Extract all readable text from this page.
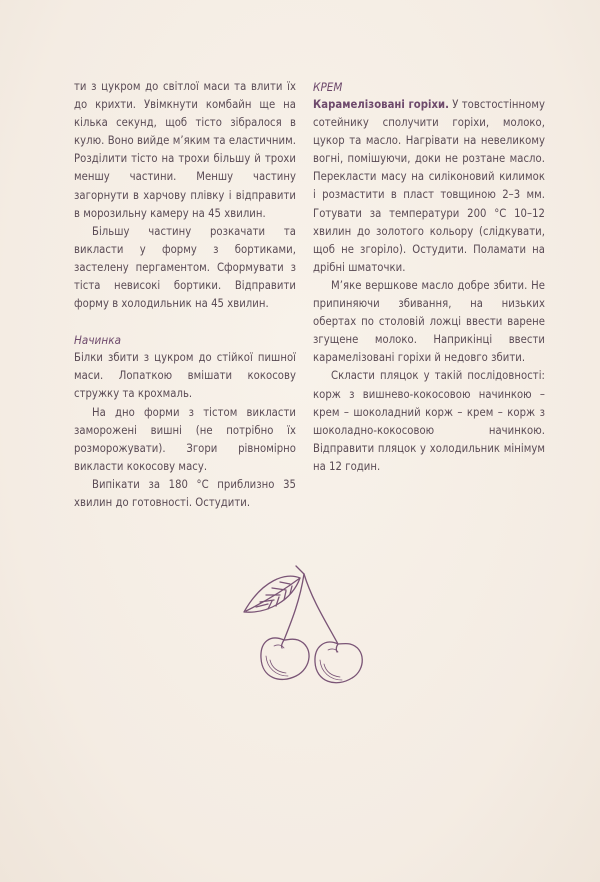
ти з цукром до світлої маси та влити їх до крихти. Увімкнути комбайн ще на кілька секунд, щоб тісто зібралося в кулю. Воно вийде м’яким та еластичним. Розділити тісто на трохи більшу й трохи меншу частини. Меншу частину загорнути в харчову плівку і відправити в морозильну камеру на 45 хвилин.

Більшу частину розкачати та викласти у форму з бортиками, застелену пергаментом. Сформувати з тіста невисокі бортики. Відправити форму в холодильник на 45 хвилин.

Начинка

Білки збити з цукром до стійкої пишної маси. Лопаткою вмішати кокосову стружку та крохмаль.

На дно форми з тістом викласти заморожені вишні (не потрібно їх розморожувати). Згори рівномірно викласти кокосову масу.

Випікати за 180 °С приблизно 35 хвилин до готовності. Остудити.

КРЕМ

Карамелізовані горіхи. У товстостінному сотейнику сполучити горіхи, молоко, цукор та масло. Нагрівати на невеликому вогні, помішуючи, доки не розтане масло. Перекласти масу на силіконовий килимок і розмастити в пласт товщиною 2–3 мм. Готувати за температури 200 °С 10–12 хвилин до золотого кольору (слідкувати, щоб не згоріло). Остудити. Поламати на дрібні шматочки.

М’яке вершкове масло добре збити. Не припиняючи збивання, на низьких обертах по столовій ложці ввести варене згущене молоко. Наприкінці ввести карамелізовані горіхи й недовго збити.

Скласти пляцок у такій послідовності: корж з вишнево-кокосовою начинкою – крем – шоколадний корж – крем – корж з шоколадно-кокосовою начинкою. Відправити пляцок у холодильник мінімум на 12 годин.
